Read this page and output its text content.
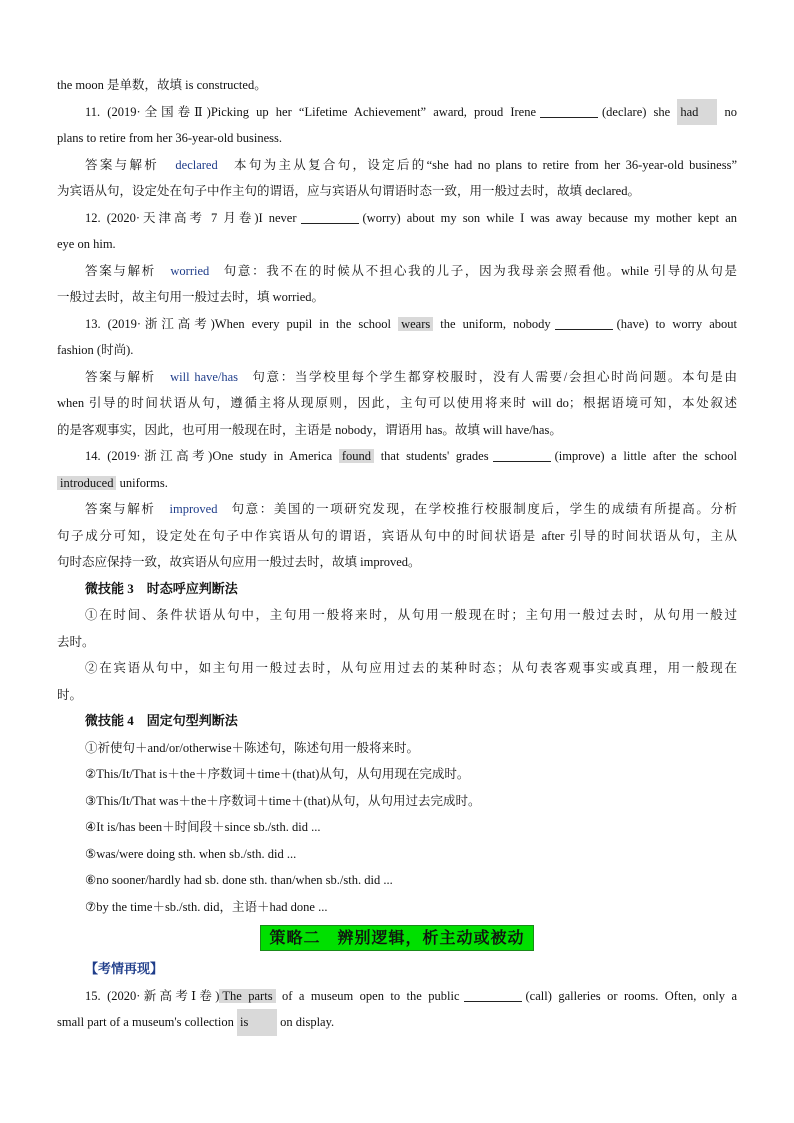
the moon 是单数，故填 is constructed。
11. (2019·全国卷Ⅱ)Picking up her “Lifetime Achievement” award, proud Irene	(declare) she had no
plans to retire from her 36-year-old business.
答案与解析 declared 本句为主从复合句，设定后的“she had no plans to retire from her 36-year-old business”
为宾语从句，设定处在句子中作主句的谓语，应与宾语从句谓语时态一致，用一般过去时，故填 declared。
12. (2020·天津高考 7 月卷)I never	(worry) about my son while I was away because my mother kept an
eye on him.
答案与解析 worried 句意：我不在的时候从不担心我的儿子，因为我母亲会照看他。while 引导的从句是
一般过去时，故主句用一般过去时，填 worried。
13. (2019·浙江高考)When every pupil in the school wears the uniform, nobody	(have) to worry about
fashion (时尚).
答案与解析 will have/has 句意：当学校里每个学生都穿校服时，没有人需要/会担心时尚问题。本句是由
when 引导的时间状语从句，遵循主将从现原则，因此，主句可以使用将来时 will do；根据语境可知，本处叙述
的是客观事实，因此，也可用一般现在时，主语是 nobody，谓语用 has。故填 will have/has。
14. (2019·浙江高考)One study in America found that students' grades	(improve) a little after the school
introduced uniforms.
答案与解析 improved 句意：美国的一项研究发现，在学校推行校服制度后，学生的成绩有所提高。分析
句子成分可知，设定处在句子中作宾语从句的谓语，宾语从句中的时间状语是 after 引导的时间状语从句，主从
句时态应保持一致，故宾语从句应用一般过去时，故填 improved。
微技能 3　时态呼应判断法
①在时间、条件状语从句中，主句用一般将来时，从句用一般现在时；主句用一般过去时，从句用一般过
去时。
②在宾语从句中，如主句用一般过去时，从句应用过去的某种时态；从句表客观事实或真理，用一般现在
时。
微技能 4　固定句型判断法
①祈使句＋and/or/otherwise＋陈述句，陈述句用一般将来时。
②This/It/That is＋the＋序数词＋time＋(that)从句，从句用现在完成时。
③This/It/That was＋the＋序数词＋time＋(that)从句，从句用过去完成时。
④It is/has been＋时间段＋since sb./sth. did ...
⑤was/were doing sth. when sb./sth. did ...
⑥no sooner/hardly had sb. done sth. than/when sb./sth. did ...
⑦by the time＋sb./sth. did，主语＋had done ...
策略二　辨别逻辑，析主动或被动
【考情再现】
15. (2020·新高考Ⅰ卷) The parts of a museum open to the public	(call) galleries or rooms. Often, only a
small part of a museum's collection is	on display.
